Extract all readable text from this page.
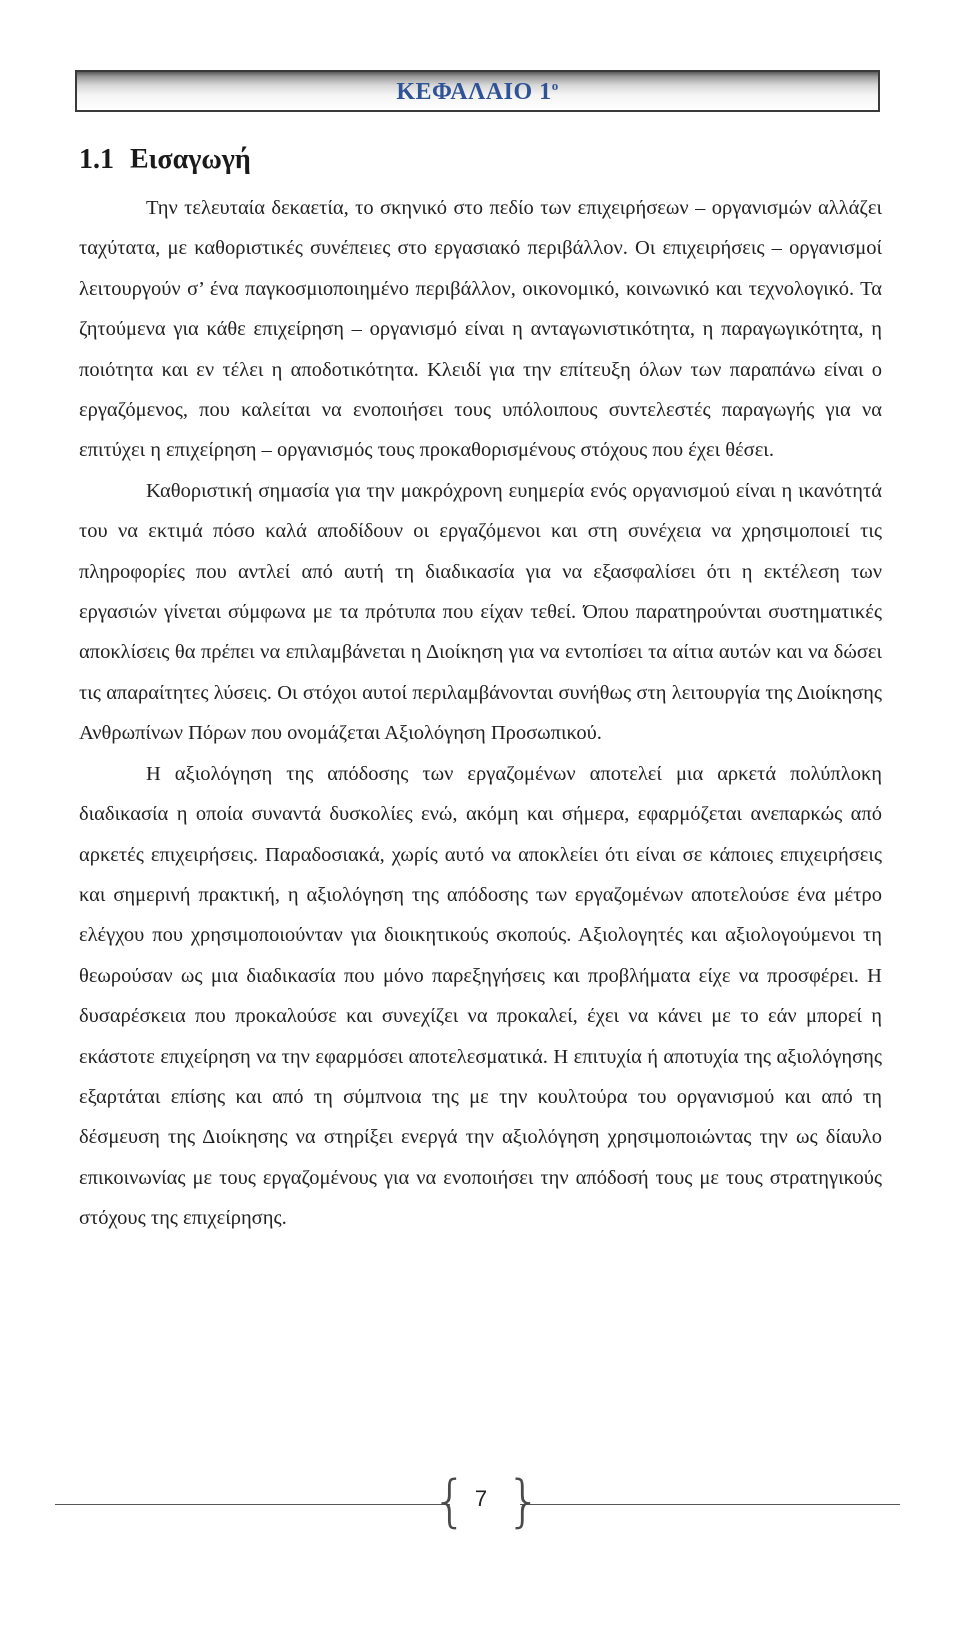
ΚΕΦΑΛΑΙΟ $1^o$
1.1 Εισαγωγή

Την τελευταία δεκαετία, το σκηνικό στο πεδίο των επιχειρήσεων – οργανισμών αλλάζει ταχύτατα, με καθοριστικές συνέπειες στο εργασιακό περιβάλλον. Οι επιχειρήσεις – οργανισμοί λειτουργούν σ’ ένα παγκοσμιοποιημένο περιβάλλον, οικονομικό, κοινωνικό και τεχνολογικό. Τα ζητούμενα για κάθε επιχείρηση – οργανισμό είναι η ανταγωνιστικότητα, η παραγωγικότητα, η ποιότητα και εν τέλει η αποδοτικότητα. Κλειδί για την επίτευξη όλων των παραπάνω είναι ο εργαζόμενος, που καλείται να ενοποιήσει τους υπόλοιπους συντελεστές παραγωγής για να επιτύχει η επιχείρηση – οργανισμός τους προκαθορισμένους στόχους που έχει θέσει.

Καθοριστική σημασία για την μακρόχρονη ευημερία ενός οργανισμού είναι η ικανότητά του να εκτιμά πόσο καλά αποδίδουν οι εργαζόμενοι και στη συνέχεια να χρησιμοποιεί τις πληροφορίες που αντλεί από αυτή τη διαδικασία για να εξασφαλίσει ότι η εκτέλεση των εργασιών γίνεται σύμφωνα με τα πρότυπα που είχαν τεθεί. Όπου παρατηρούνται συστηματικές αποκλίσεις θα πρέπει να επιλαμβάνεται η Διοίκηση για να εντοπίσει τα αίτια αυτών και να δώσει τις απαραίτητες λύσεις. Οι στόχοι αυτοί περιλαμβάνονται συνήθως στη λειτουργία της Διοίκησης Ανθρωπίνων Πόρων που ονομάζεται Αξιολόγηση Προσωπικού.

Η αξιολόγηση της απόδοσης των εργαζομένων αποτελεί μια αρκετά πολύπλοκη διαδικασία η οποία συναντά δυσκολίες ενώ, ακόμη και σήμερα, εφαρμόζεται ανεπαρκώς από αρκετές επιχειρήσεις. Παραδοσιακά, χωρίς αυτό να αποκλείει ότι είναι σε κάποιες επιχειρήσεις και σημερινή πρακτική, η αξιολόγηση της απόδοσης των εργαζομένων αποτελούσε ένα μέτρο ελέγχου που χρησιμοποιούνταν για διοικητικούς σκοπούς. Αξιολογητές και αξιολογούμενοι τη θεωρούσαν ως μια διαδικασία που μόνο παρεξηγήσεις και προβλήματα είχε να προσφέρει. Η δυσαρέσκεια που προκαλούσε και συνεχίζει να προκαλεί, έχει να κάνει με το εάν μπορεί η εκάστοτε επιχείρηση να την εφαρμόσει αποτελεσματικά. Η επιτυχία ή αποτυχία της αξιολόγησης εξαρτάται επίσης και από τη σύμπνοια της με την κουλτούρα του οργανισμού και από τη δέσμευση της Διοίκησης να στηρίξει ενεργά την αξιολόγηση χρησιμοποιώντας την ως δίαυλο επικοινωνίας με τους εργαζομένους για να ενοποιήσει την απόδοσή τους με τους στρατηγικούς στόχους της επιχείρησης.

{ 7 }
